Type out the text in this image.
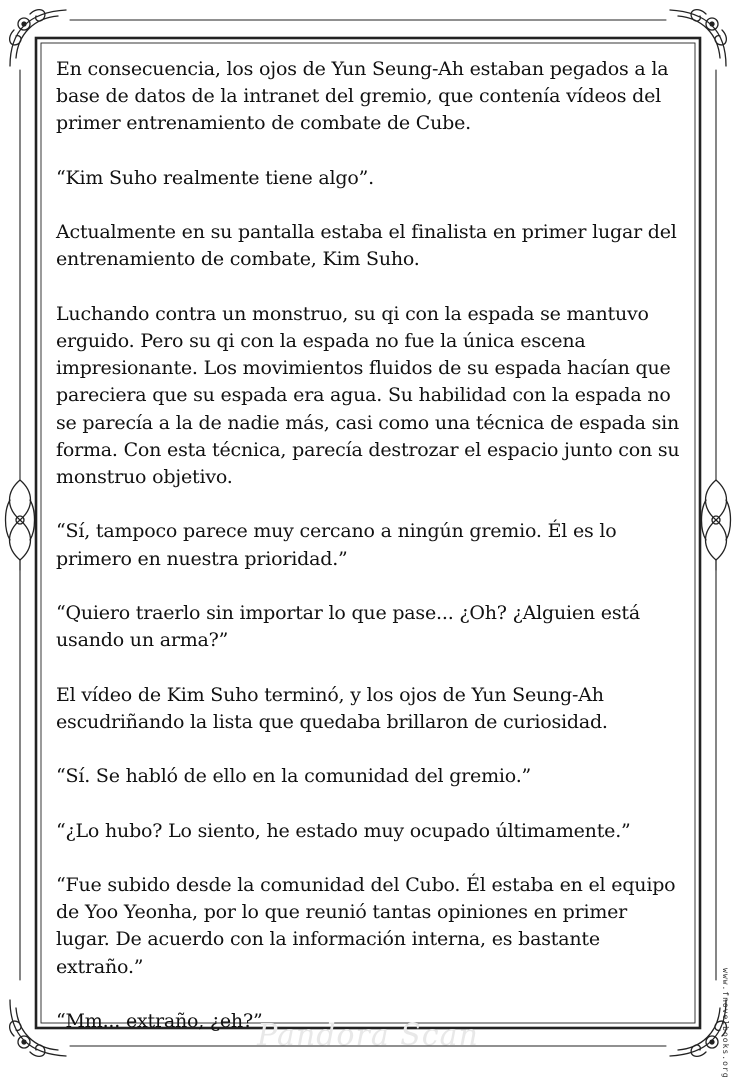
En consecuencia, los ojos de Yun Seung-Ah estaban pegados a la base de datos de la intranet del gremio, que contenía vídeos del primer entrenamiento de combate de Cube.

“Kim Suho realmente tiene algo”.

Actualmente en su pantalla estaba el finalista en primer lugar del entrenamiento de combate, Kim Suho.

Luchando contra un monstruo, su qi con la espada se mantuvo erguido. Pero su qi con la espada no fue la única escena impresionante. Los movimientos fluidos de su espada hacían que pareciera que su espada era agua. Su habilidad con la espada no se parecía a la de nadie más, casi como una técnica de espada sin forma. Con esta técnica, parecía destrozar el espacio junto con su monstruo objetivo.

“Sí, tampoco parece muy cercano a ningún gremio. Él es lo primero en nuestra prioridad.”

“Quiero traerlo sin importar lo que pase... ¿Oh? ¿Alguien está usando un arma?”

El vídeo de Kim Suho terminó, y los ojos de Yun Seung-Ah escudriñando la lista que quedaba brillaron de curiosidad.

“Sí. Se habló de ello en la comunidad del gremio.”

“¿Lo hubo? Lo siento, he estado muy ocupado últimamente.”

“Fue subido desde la comunidad del Cubo. Él estaba en el equipo de Yoo Yeonha, por lo que reunió tantas opiniones en primer lugar. De acuerdo con la información interna, es bastante extraño.”

“Mm... extraño, ¿eh?”	www.fnovelbooks.org
Pandora Scan
